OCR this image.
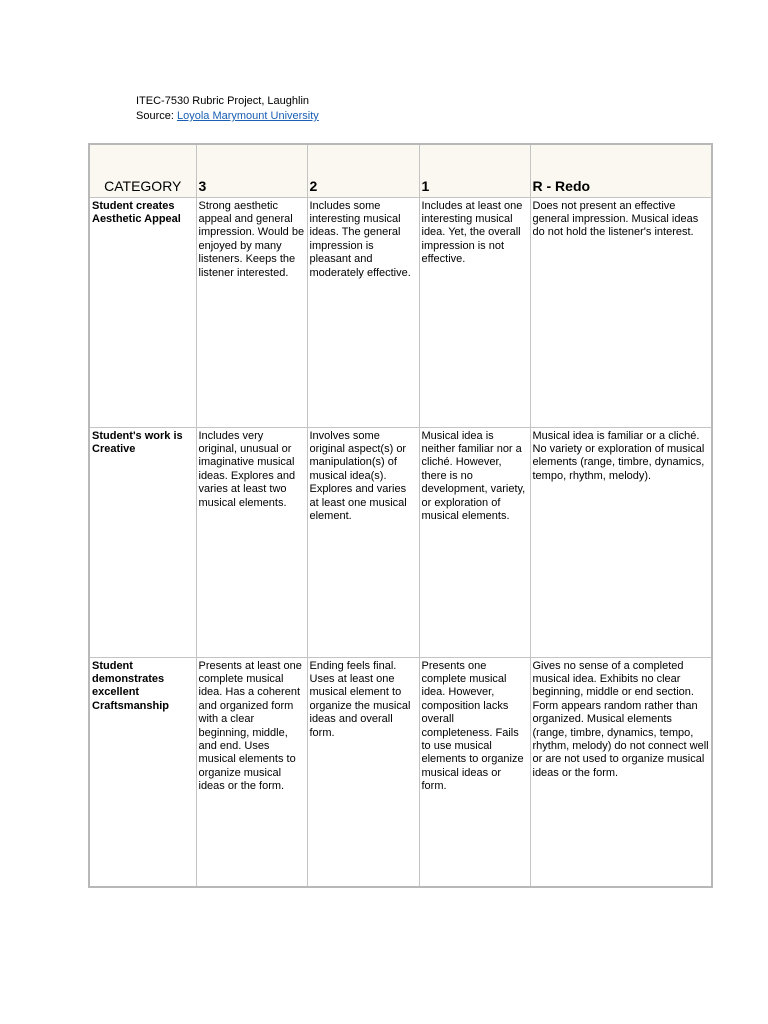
ITEC-7530 Rubric Project, Laughlin
Source: Loyola Marymount University
CATEGORY	3	2	1	R - Redo
Student creates Aesthetic Appeal	Strong aesthetic appeal and general impression. Would be enjoyed by many listeners. Keeps the listener interested.	Includes some interesting musical ideas. The general impression is pleasant and moderately effective.	Includes at least one interesting musical idea. Yet, the overall impression is not effective.	Does not present an effective general impression. Musical ideas do not hold the listener's interest.
Student's work is Creative	Includes very original, unusual or imaginative musical ideas. Explores and varies at least two musical elements.	Involves some original aspect(s) or manipulation(s) of musical idea(s). Explores and varies at least one musical element.	Musical idea is neither familiar nor a cliché. However, there is no development, variety, or exploration of musical elements.	Musical idea is familiar or a cliché. No variety or exploration of musical elements (range, timbre, dynamics, tempo, rhythm, melody).
Student demonstrates excellent Craftsmanship	Presents at least one complete musical idea. Has a coherent and organized form with a clear beginning, middle, and end. Uses musical elements to organize musical ideas or the form.	Ending feels final. Uses at least one musical element to organize the musical ideas and overall form.	Presents one complete musical idea. However, composition lacks overall completeness. Fails to use musical elements to organize musical ideas or form.	Gives no sense of a completed musical idea. Exhibits no clear beginning, middle or end section. Form appears random rather than organized. Musical elements (range, timbre, dynamics, tempo, rhythm, melody) do not connect well or are not used to organize musical ideas or the form.
